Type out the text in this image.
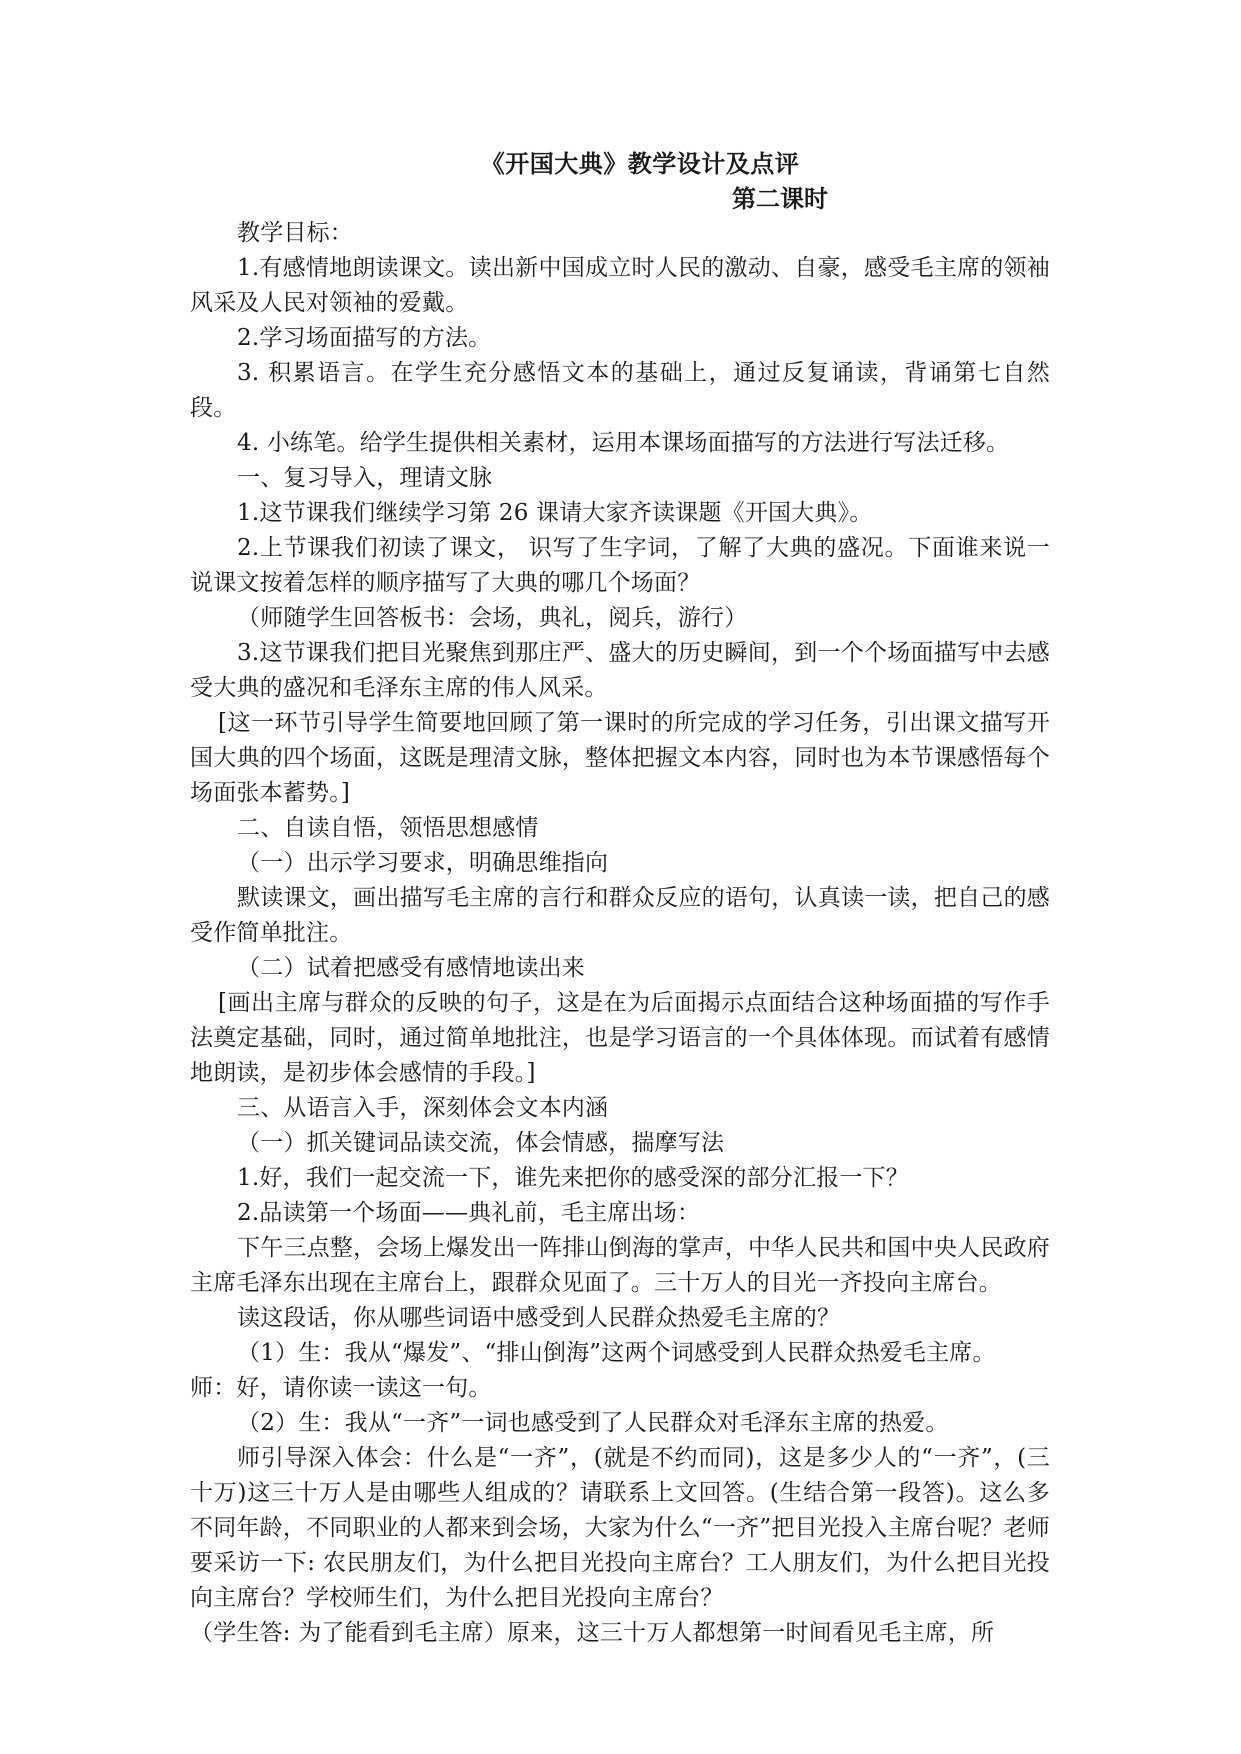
《开国大典》教学设计及点评
第二课时

教学目标：

1.有感情地朗读课文。读出新中国成立时人民的激动、自豪，感受毛主席的领袖风采及人民对领袖的爱戴。

2.学习场面描写的方法。

3. 积累语言。在学生充分感悟文本的基础上，通过反复诵读，背诵第七自然段。

4. 小练笔。给学生提供相关素材，运用本课场面描写的方法进行写法迁移。

一、复习导入，理请文脉

1.这节课我们继续学习第 26 课请大家齐读课题《开国大典》。

2.上节课我们初读了课文， 识写了生字词，了解了大典的盛况。下面谁来说一说课文按着怎样的顺序描写了大典的哪几个场面？

（师随学生回答板书：会场，典礼，阅兵，游行）

3.这节课我们把目光聚焦到那庄严、盛大的历史瞬间，到一个个场面描写中去感受大典的盛况和毛泽东主席的伟人风采。

[这一环节引导学生简要地回顾了第一课时的所完成的学习任务，引出课文描写开国大典的四个场面，这既是理清文脉，整体把握文本内容，同时也为本节课感悟每个场面张本蓄势。]

二、自读自悟，领悟思想感情

（一）出示学习要求，明确思维指向

默读课文，画出描写毛主席的言行和群众反应的语句，认真读一读，把自己的感受作简单批注。

（二）试着把感受有感情地读出来

[画出主席与群众的反映的句子，这是在为后面揭示点面结合这种场面描的写作手法奠定基础，同时，通过简单地批注，也是学习语言的一个具体体现。而试着有感情地朗读，是初步体会感情的手段。]

三、从语言入手，深刻体会文本内涵

（一）抓关键词品读交流，体会情感，揣摩写法

1.好，我们一起交流一下，谁先来把你的感受深的部分汇报一下？

2.品读第一个场面——典礼前，毛主席出场：

下午三点整，会场上爆发出一阵排山倒海的掌声，中华人民共和国中央人民政府主席毛泽东出现在主席台上，跟群众见面了。三十万人的目光一齐投向主席台。

读这段话，你从哪些词语中感受到人民群众热爱毛主席的？

（1）生：我从“爆发”、“排山倒海”这两个词感受到人民群众热爱毛主席。

师：好，请你读一读这一句。

（2）生：我从“一齐”一词也感受到了人民群众对毛泽东主席的热爱。

师引导深入体会：什么是“一齐”，(就是不约而同)，这是多少人的“一齐”，(三十万)这三十万人是由哪些人组成的？请联系上文回答。(生结合第一段答)。这么多不同年龄，不同职业的人都来到会场，大家为什么“一齐”把目光投入主席台呢？老师要采访一下: 农民朋友们，为什么把目光投向主席台？工人朋友们，为什么把目光投向主席台？学校师生们，为什么把目光投向主席台？

（学生答: 为了能看到毛主席）原来，这三十万人都想第一时间看见毛主席，所
